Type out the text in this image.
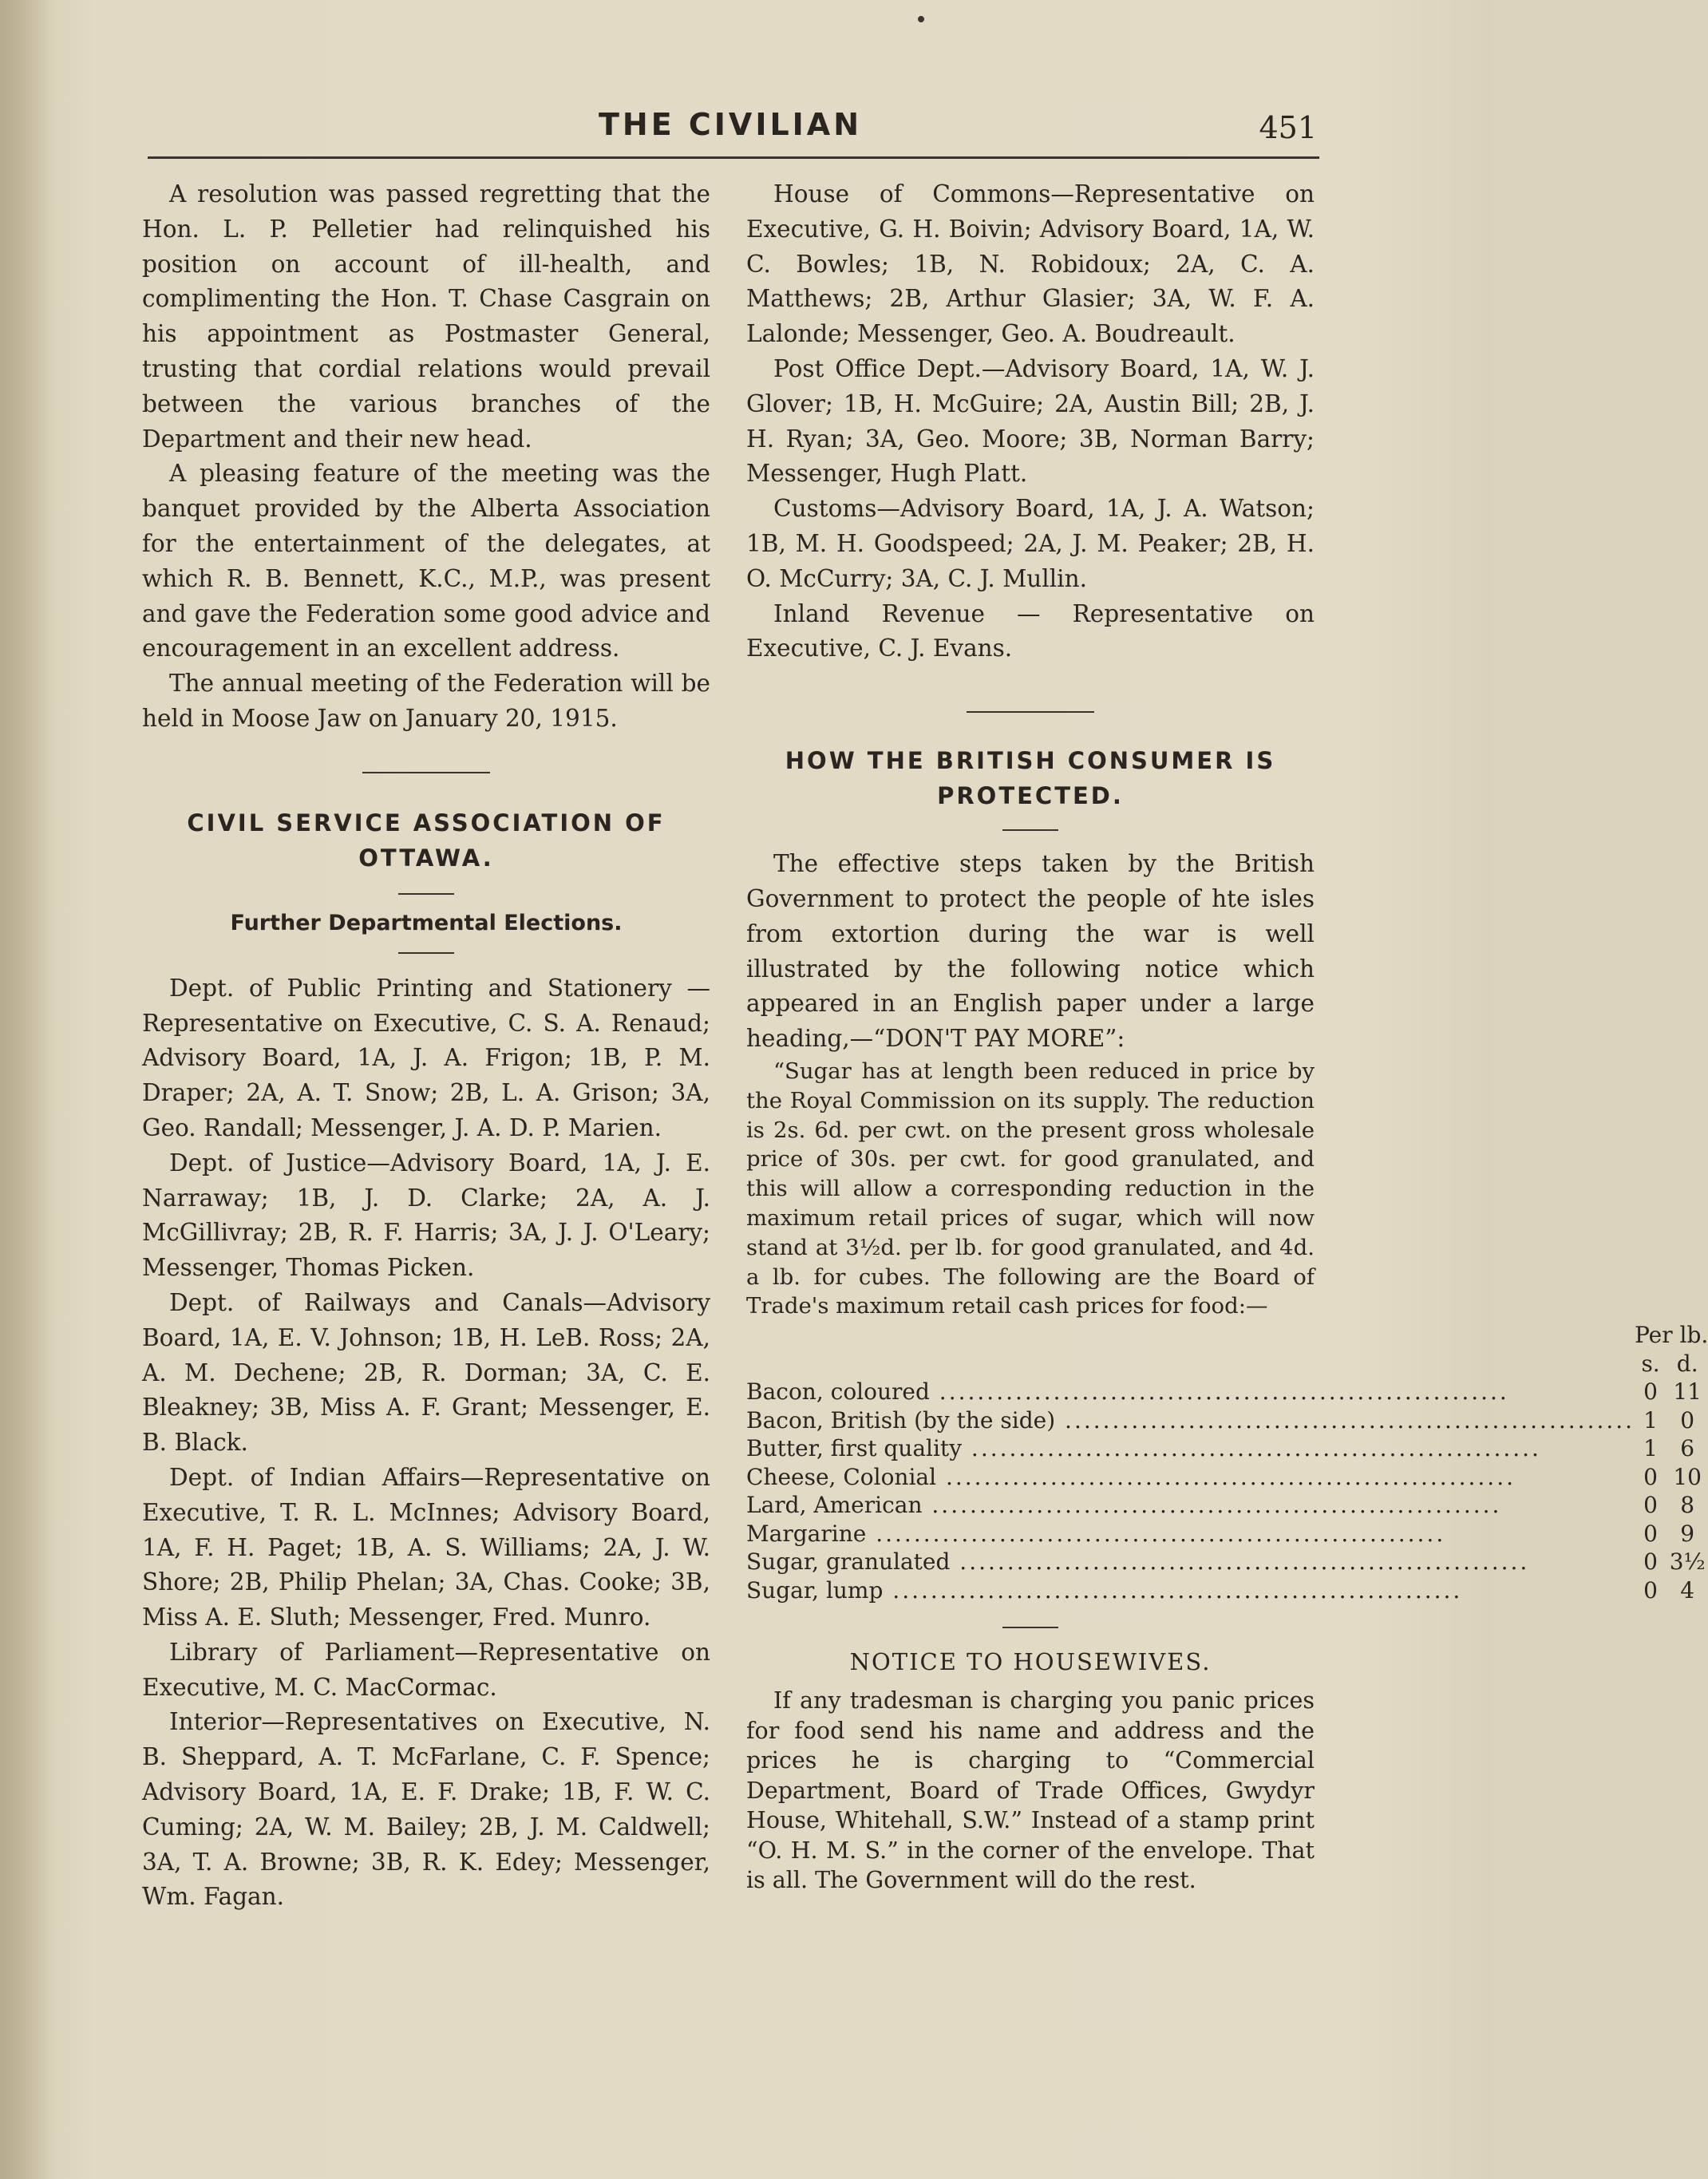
THE CIVILIAN	451

A resolution was passed regretting that the Hon. L. P. Pelletier had relinquished his position on account of ill-health, and complimenting the Hon. T. Chase Casgrain on his appointment as Postmaster General, trusting that cordial relations would prevail between the various branches of the Department and their new head.

A pleasing feature of the meeting was the banquet provided by the Alberta Association for the entertainment of the delegates, at which R. B. Bennett, K.C., M.P., was present and gave the Federation some good advice and encouragement in an excellent address.

The annual meeting of the Federation will be held in Moose Jaw on January 20, 1915.

CIVIL SERVICE ASSOCIATION OF OTTAWA.
Further Departmental Elections.

Dept. of Public Printing and Stationery —Representative on Executive, C. S. A. Renaud; Advisory Board, 1A, J. A. Frigon; 1B, P. M. Draper; 2A, A. T. Snow; 2B, L. A. Grison; 3A, Geo. Randall; Messenger, J. A. D. P. Marien.

Dept. of Justice—Advisory Board, 1A, J. E. Narraway; 1B, J. D. Clarke; 2A, A. J. McGillivray; 2B, R. F. Harris; 3A, J. J. O'Leary; Messenger, Thomas Picken.

Dept. of Railways and Canals—Advisory Board, 1A, E. V. Johnson; 1B, H. LeB. Ross; 2A, A. M. Dechene; 2B, R. Dorman; 3A, C. E. Bleakney; 3B, Miss A. F. Grant; Messenger, E. B. Black.

Dept. of Indian Affairs—Representative on Executive, T. R. L. McInnes; Advisory Board, 1A, F. H. Paget; 1B, A. S. Williams; 2A, J. W. Shore; 2B, Philip Phelan; 3A, Chas. Cooke; 3B, Miss A. E. Sluth; Messenger, Fred. Munro.

Library of Parliament—Representative on Executive, M. C. MacCormac.

Interior—Representatives on Executive, N. B. Sheppard, A. T. McFarlane, C. F. Spence; Advisory Board, 1A, E. F. Drake; 1B, F. W. C. Cuming; 2A, W. M. Bailey; 2B, J. M. Caldwell; 3A, T. A. Browne; 3B, R. K. Edey; Messenger, Wm. Fagan.

House of Commons—Representative on Executive, G. H. Boivin; Advisory Board, 1A, W. C. Bowles; 1B, N. Robidoux; 2A, C. A. Matthews; 2B, Arthur Glasier; 3A, W. F. A. Lalonde; Messenger, Geo. A. Boudreault.

Post Office Dept.—Advisory Board, 1A, W. J. Glover; 1B, H. McGuire; 2A, Austin Bill; 2B, J. H. Ryan; 3A, Geo. Moore; 3B, Norman Barry; Messenger, Hugh Platt.

Customs—Advisory Board, 1A, J. A. Watson; 1B, M. H. Goodspeed; 2A, J. M. Peaker; 2B, H. O. McCurry; 3A, C. J. Mullin.

Inland Revenue — Representative on Executive, C. J. Evans.

HOW THE BRITISH CONSUMER IS PROTECTED.

The effective steps taken by the British Government to protect the people of hte isles from extortion during the war is well illustrated by the following notice which appeared in an English paper under a large heading,—“DON'T PAY MORE”:

“Sugar has at length been reduced in price by the Royal Commission on its supply. The reduction is 2s. 6d. per cwt. on the present gross wholesale price of 30s. per cwt. for good granulated, and this will allow a corresponding reduction in the maximum retail prices of sugar, which will now stand at 3½d. per lb. for good granulated, and 4d. a lb. for cubes. The following are the Board of Trade's maximum retail cash prices for food:—

	Per lb.	
	s.	d.
Bacon, coloured ............................................................	0	11
Bacon, British (by the side) ............................................................	1	0
Butter, first quality ............................................................	1	6
Cheese, Colonial ............................................................	0	10
Lard, American ............................................................	0	8
Margarine ............................................................	0	9
Sugar, granulated ............................................................	0	3½
Sugar, lump ............................................................	0	4
NOTICE TO HOUSEWIVES.

If any tradesman is charging you panic prices for food send his name and address and the prices he is charging to “Commercial Department, Board of Trade Offices, Gwydyr House, Whitehall, S.W.” Instead of a stamp print “O. H. M. S.” in the corner of the envelope. That is all. The Government will do the rest.
